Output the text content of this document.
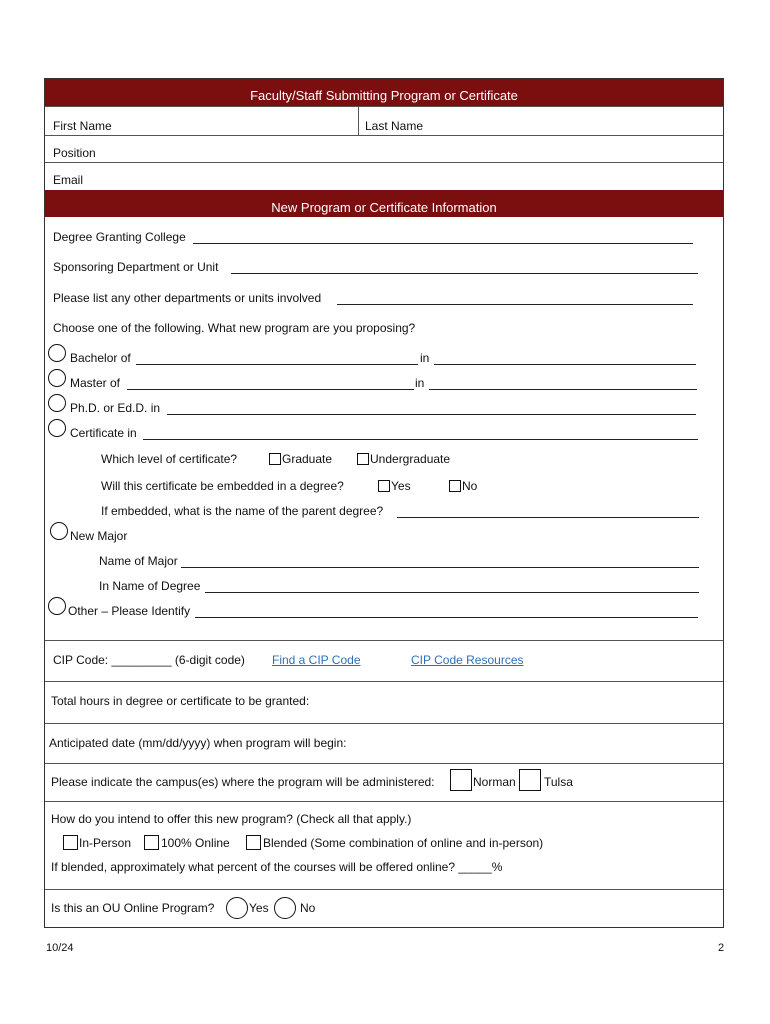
Faculty/Staff Submitting Program or Certificate
First Name	Last Name
Position
Email
New Program or Certificate Information
Degree Granting College
Sponsoring Department or Unit
Please list any other departments or units involved
Choose one of the following. What new program are you proposing?
Bachelor of	in
Master of	in
Ph.D. or Ed.D. in
Certificate in
Which level of certificate?	Graduate	Undergraduate
Will this certificate be embedded in a degree?	Yes	No
If embedded, what is the name of the parent degree?
New Major
Name of Major
In Name of Degree
Other – Please Identify
CIP Code: _________ (6-digit code) Find a CIP Code	CIP Code Resources
Total hours in degree or certificate to be granted:
Anticipated date (mm/dd/yyyy) when program will begin:
Please indicate the campus(es) where the program will be administered:	Norman Tulsa
How do you intend to offer this new program? (Check all that apply.)
In-Person 100% Online	Blended (Some combination of online and in-person)
If blended, approximately what percent of the courses will be offered online? _____%
Is this an OU Online Program?	Yes	No
10/24	2
